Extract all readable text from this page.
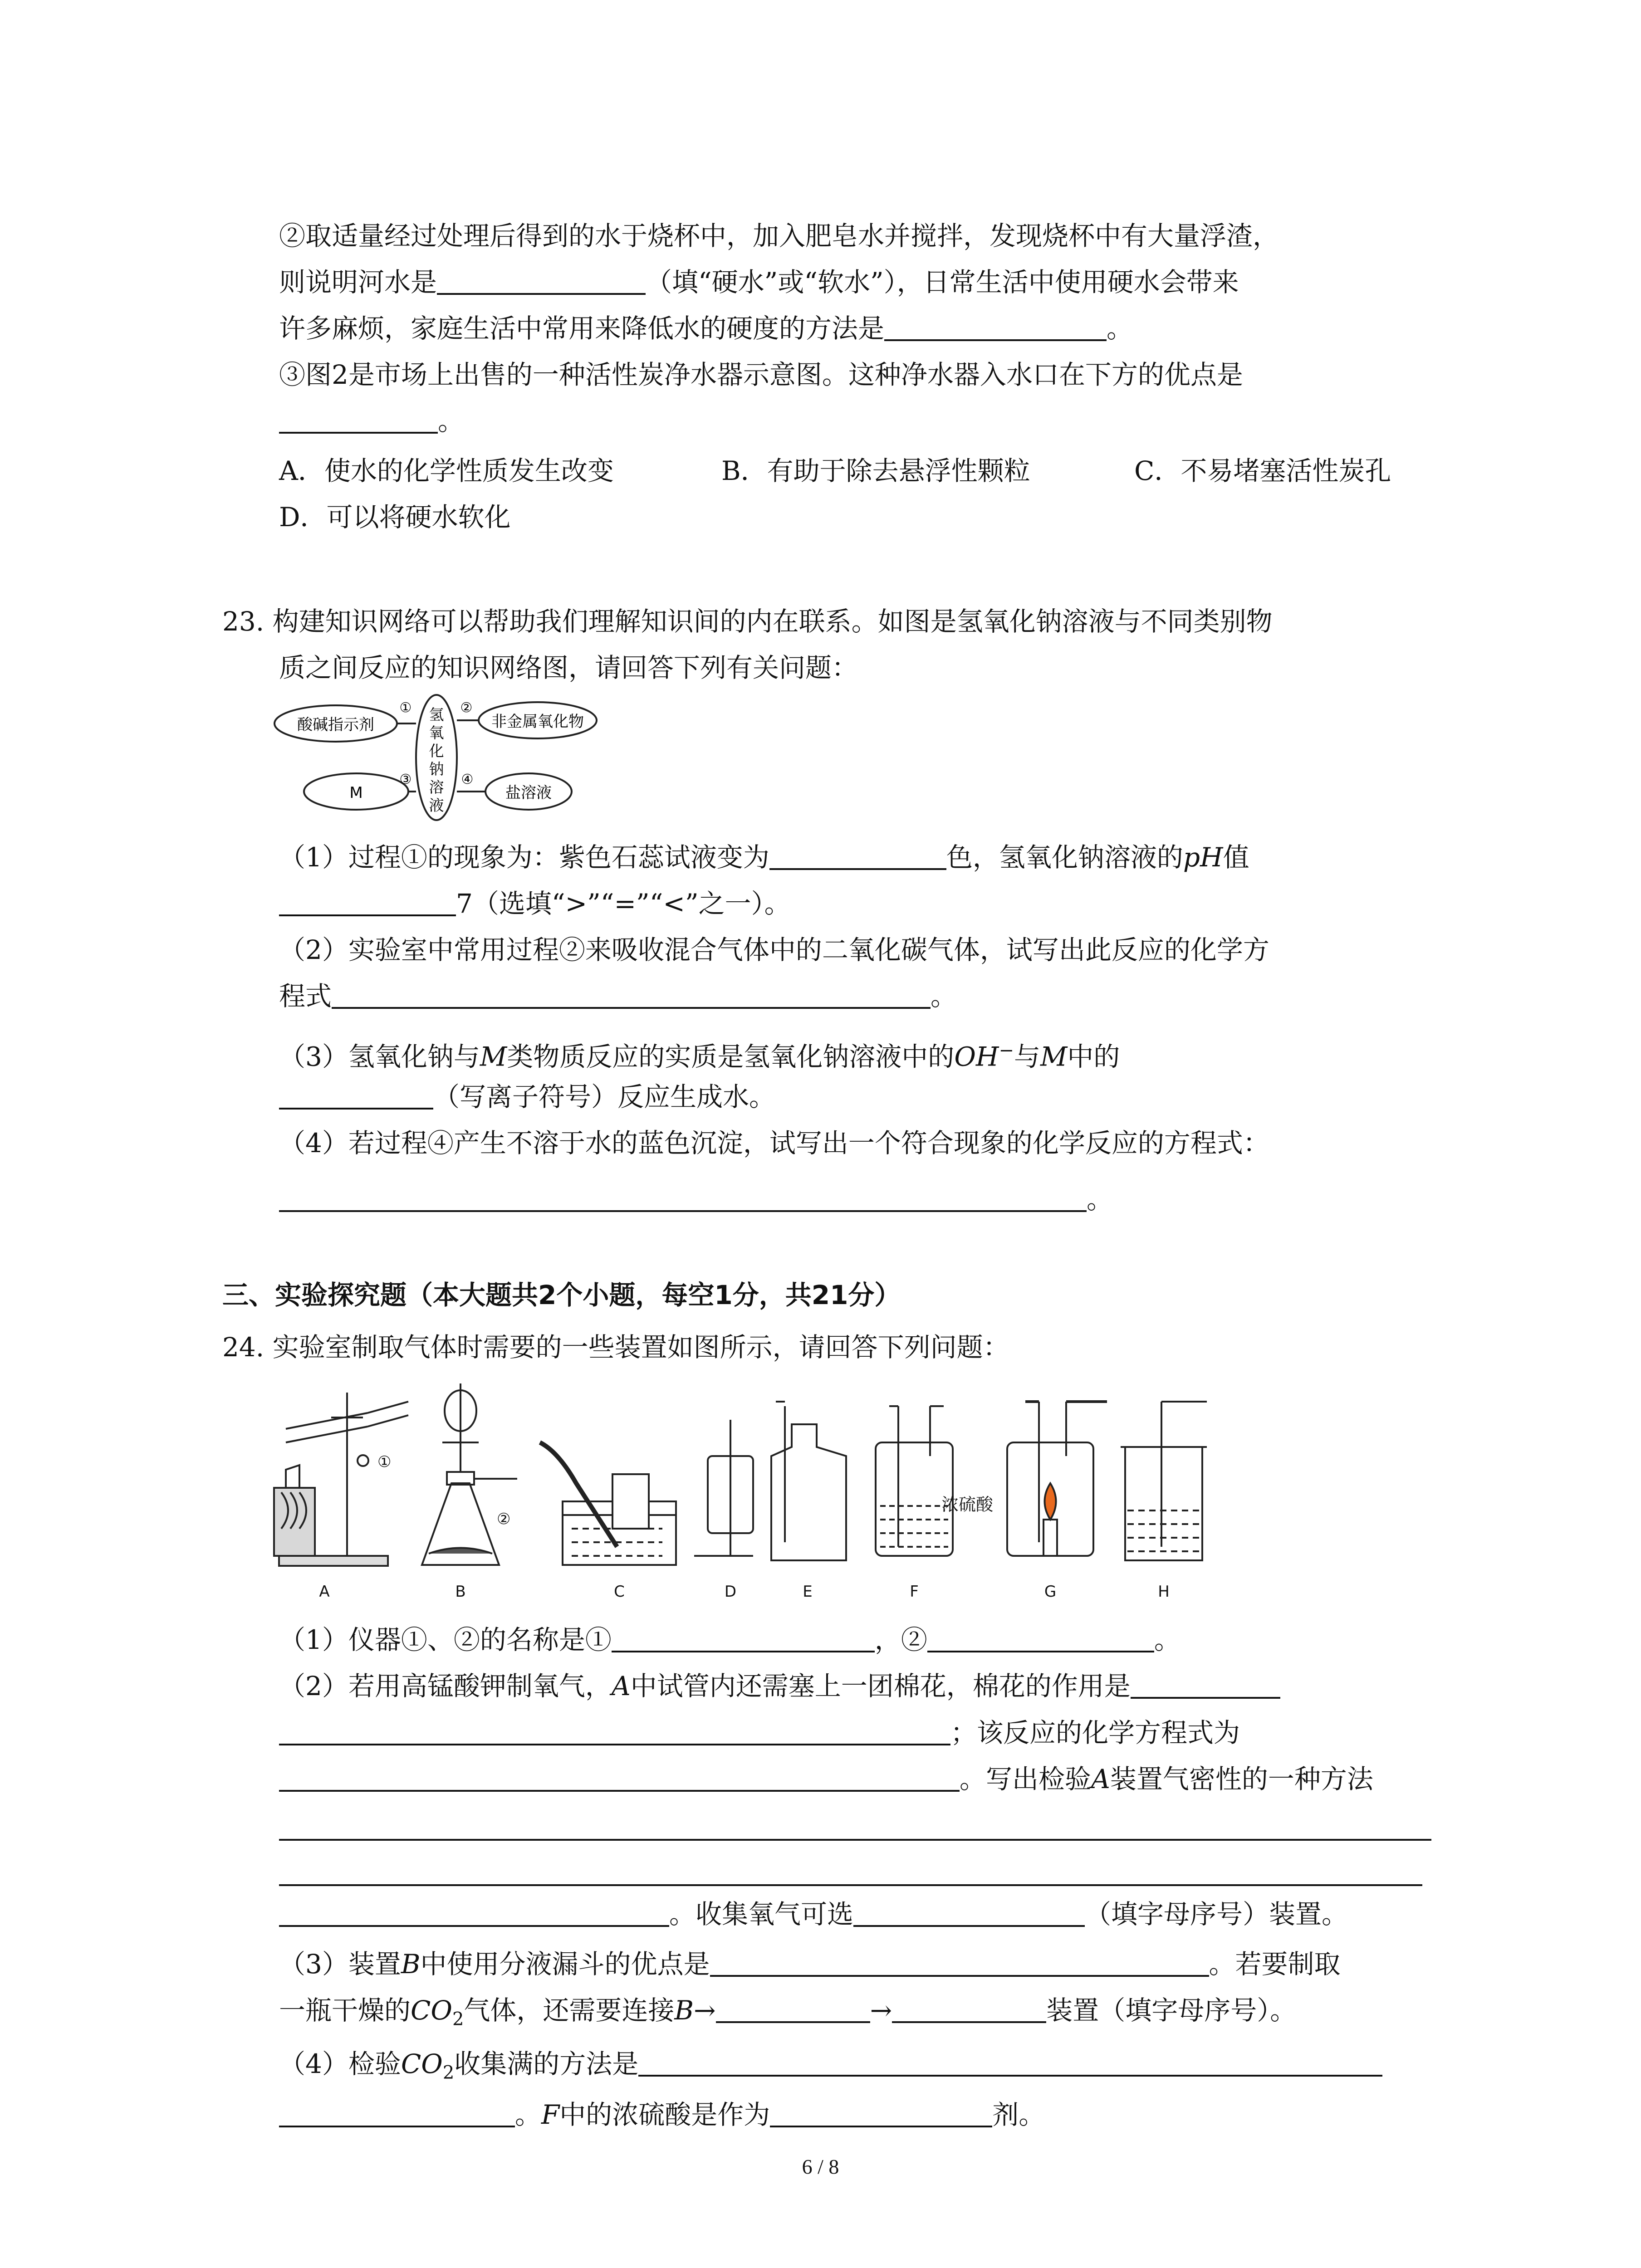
②取适量经过处理后得到的水于烧杯中，加入肥皂水并搅拌，发现烧杯中有大量浮渣，
则说明河水是	（填“硬水”或“软水”），日常生活中使用硬水会带来
许多麻烦，家庭生活中常用来降低水的硬度的方法是	。
③图2是市场上出售的一种活性炭净水器示意图。这种净水器入水口在下方的优点是
。
A．使水的化学性质发生改变	B．有助于除去悬浮性颗粒	C．不易堵塞活性炭孔
D．可以将硬水软化
23. 构建知识网络可以帮助我们理解知识间的内在联系。如图是氢氧化钠溶液与不同类别物
质之间反应的知识网络图，请回答下列有关问题：
酸碱指示剂	非金属氧化物
M	盐溶液
氢
氧
化
钠
溶
液
①	②
③	④
（1）过程①的现象为：紫色石蕊试液变为	色，氢氧化钠溶液的pH值
7（选填“>”“=”“<”之一）。
（2）实验室中常用过程②来吸收混合气体中的二氧化碳气体，试写出此反应的化学方
程式	。
（3）氢氧化钠与M类物质反应的实质是氢氧化钠溶液中的OH−与M中的
（写离子符号）反应生成水。
（4）若过程④产生不溶于水的蓝色沉淀，试写出一个符合现象的化学反应的方程式：
。
三、实验探究题（本大题共2个小题，每空1分，共21分）
24. 实验室制取气体时需要的一些装置如图所示，请回答下列问题：
①
②
浓硫酸
A	B	C	D	E	F	G	H
（1）仪器①、②的名称是①	，②	。
（2）若用高锰酸钾制氧气，A中试管内还需塞上一团棉花，棉花的作用是
；该反应的化学方程式为
。写出检验A装置气密性的一种方法
。收集氧气可选	（填字母序号）装置。
（3）装置B中使用分液漏斗的优点是	。若要制取
一瓶干燥的$CO_2$气体，还需要连接B→	→	装置（填字母序号）。
（4）检验$CO_2$收集满的方法是
。F中的浓硫酸是作为	剂。
6 / 8
